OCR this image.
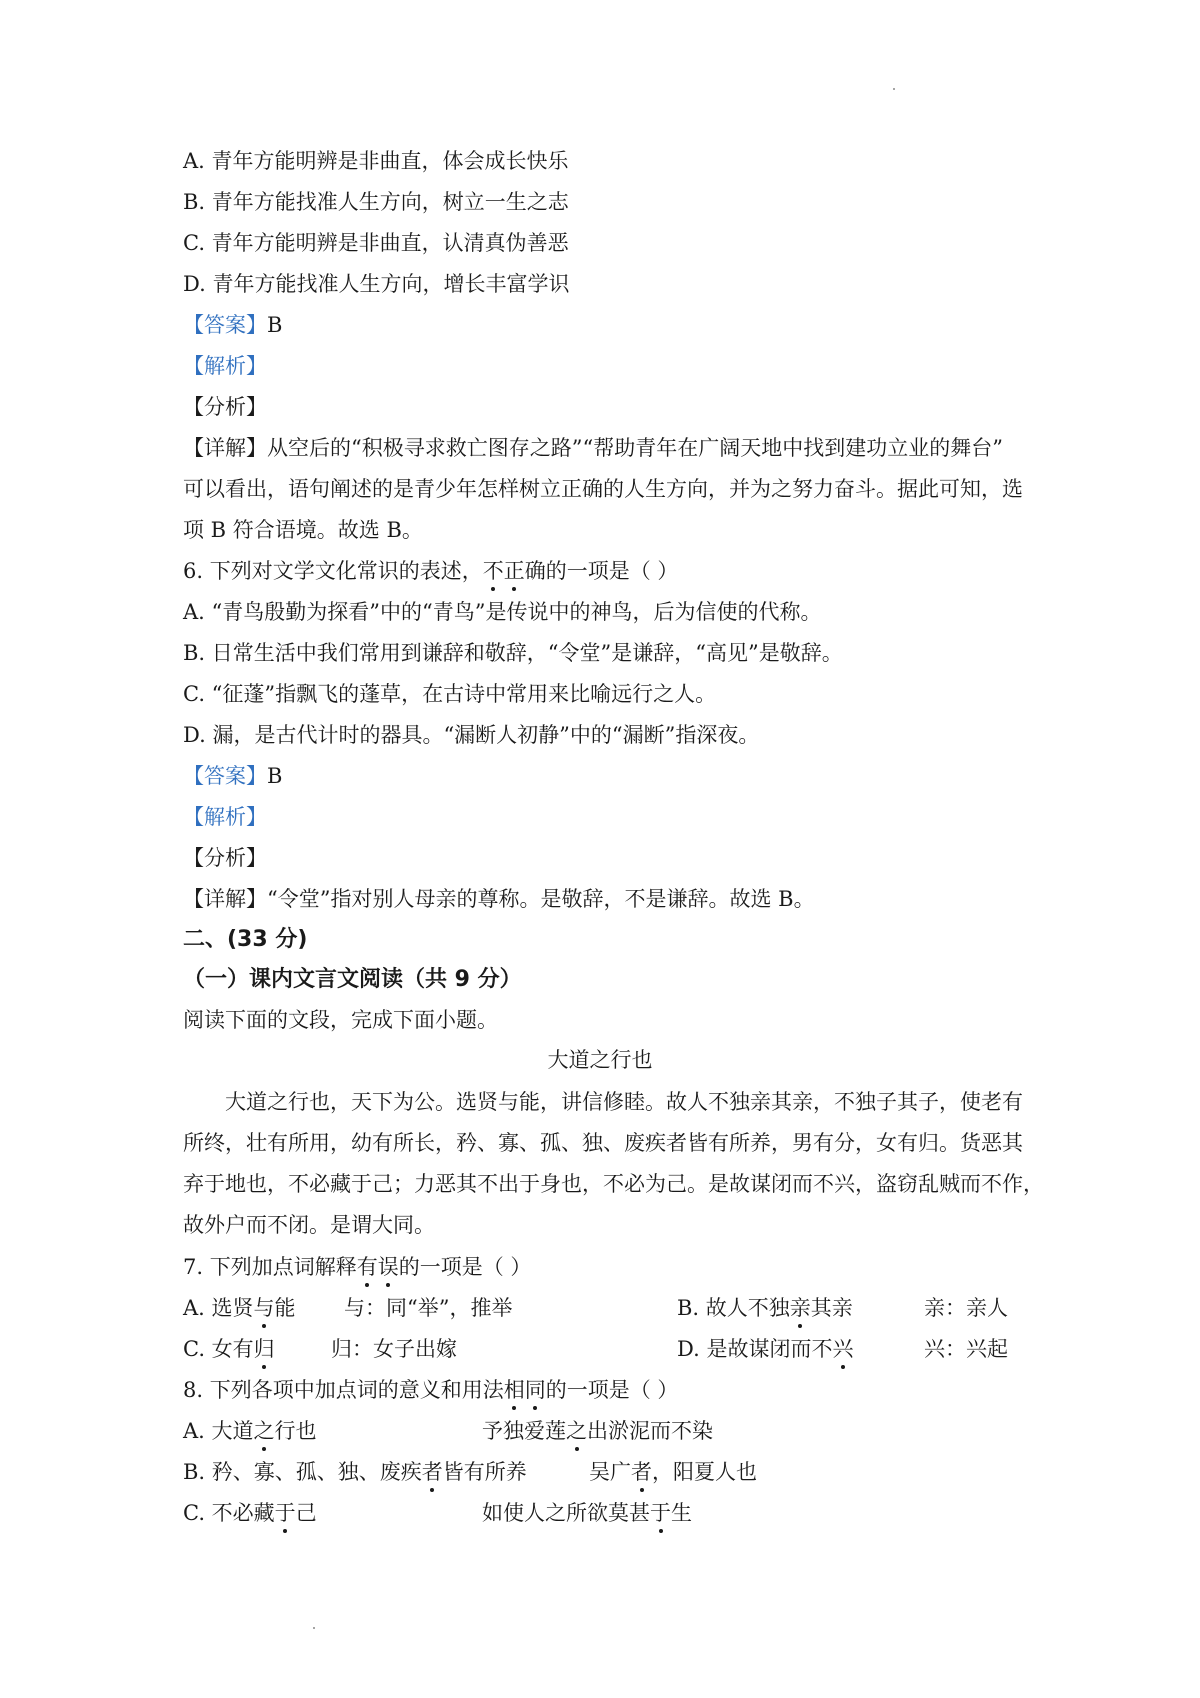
A. 青年方能明辨是非曲直，体会成长快乐
B. 青年方能找准人生方向，树立一生之志
C. 青年方能明辨是非曲直，认清真伪善恶
D. 青年方能找准人生方向，增长丰富学识
【答案】B
【解析】
【分析】
【详解】从空后的“积极寻求救亡图存之路”“帮助青年在广阔天地中找到建功立业的舞台”
可以看出，语句阐述的是青少年怎样树立正确的人生方向，并为之努力奋斗。据此可知，选
项 B 符合语境。故选 B。
6. 下列对文学文化常识的表述，不正确的一项是（ ）
A. “青鸟殷勤为探看”中的“青鸟”是传说中的神鸟，后为信使的代称。
B. 日常生活中我们常用到谦辞和敬辞，“令堂”是谦辞，“高见”是敬辞。
C. “征蓬”指飘飞的蓬草，在古诗中常用来比喻远行之人。
D. 漏，是古代计时的器具。“漏断人初静”中的“漏断”指深夜。
【答案】B
【解析】
【分析】
【详解】“令堂”指对别人母亲的尊称。是敬辞，不是谦辞。故选 B。
二、(33 分)
（一）课内文言文阅读（共 9 分）
阅读下面的文段，完成下面小题。
大道之行也
大道之行也，天下为公。选贤与能，讲信修睦。故人不独亲其亲，不独子其子，使老有
所终，壮有所用，幼有所长，矜、寡、孤、独、废疾者皆有所养，男有分，女有归。货恶其
弃于地也，不必藏于己；力恶其不出于身也，不必为己。是故谋闭而不兴，盗窃乱贼而不作，
故外户而不闭。是谓大同。
7. 下列加点词解释有误的一项是（ ）
A. 选贤与能 与：同“举”，推举	B. 故人不独亲其亲	亲：亲人
C. 女有归	归：女子出嫁	D. 是故谋闭而不兴	兴：兴起
8. 下列各项中加点词的意义和用法相同的一项是（ ）
A. 大道之行也	予独爱莲之出淤泥而不染
B. 矜、寡、孤、独、废疾者皆有所养	吴广者，阳夏人也
C. 不必藏于己	如使人之所欲莫甚于生
